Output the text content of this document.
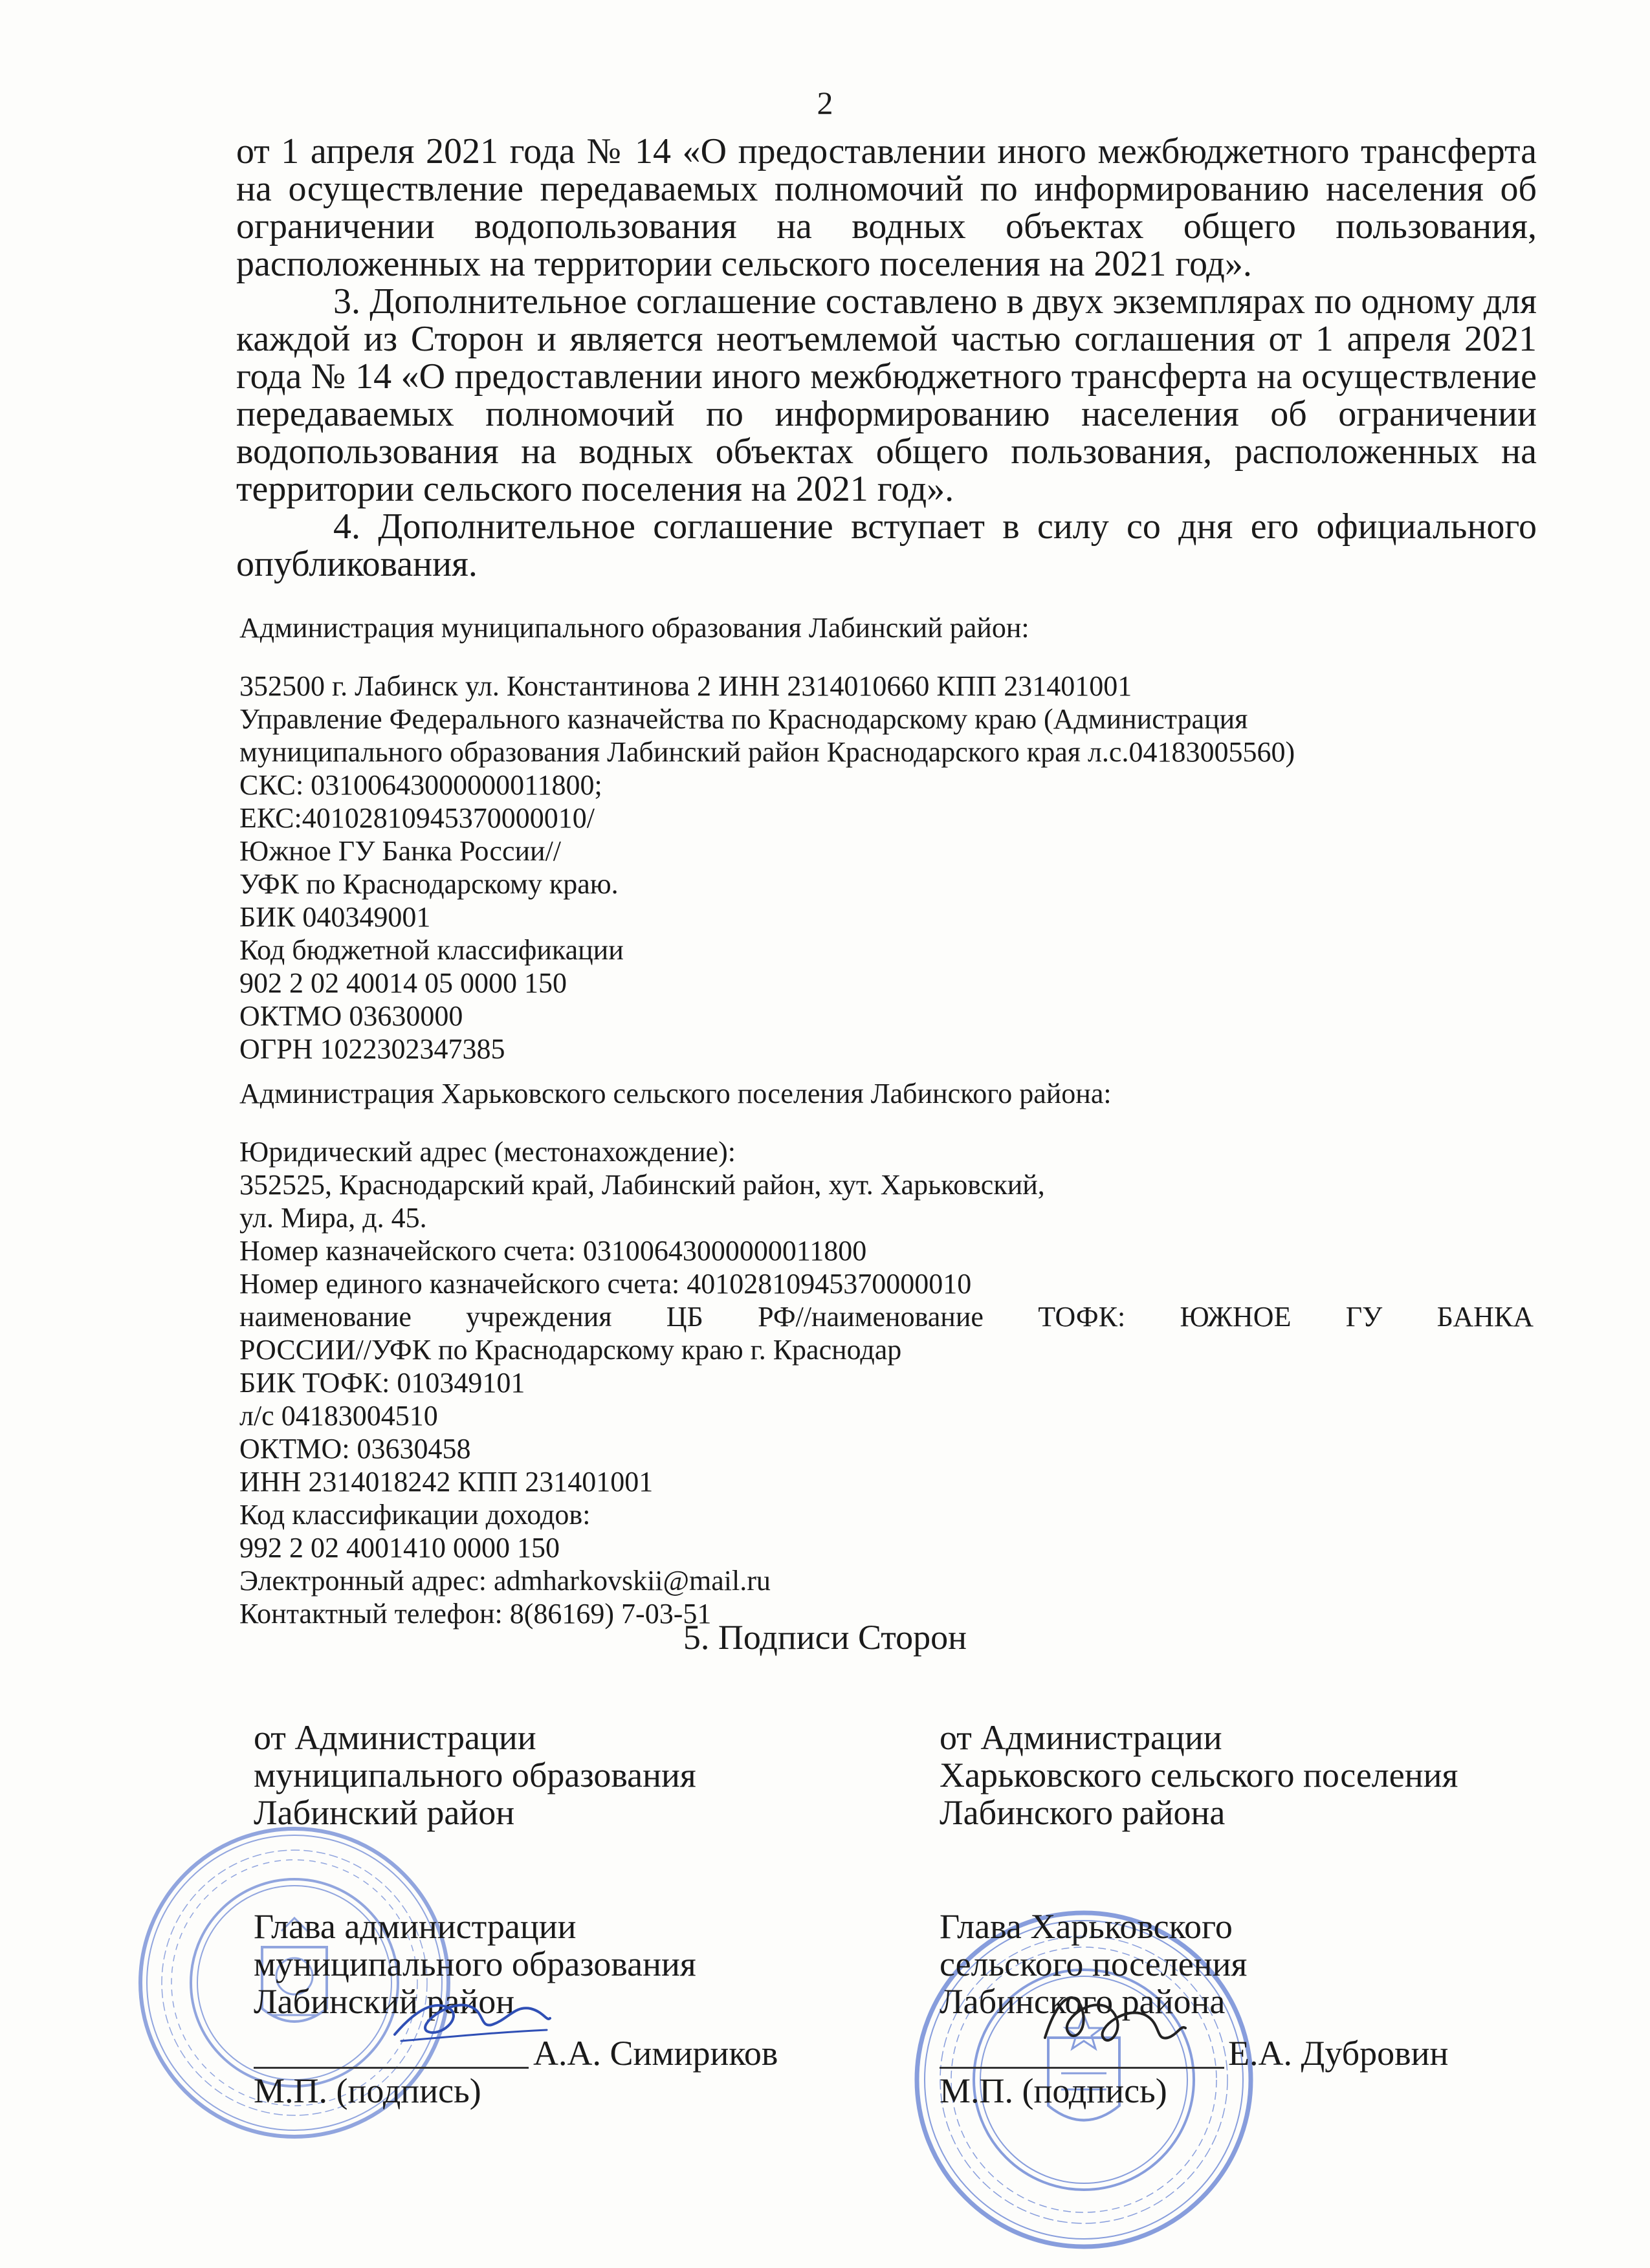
2

от 1 апреля 2021 года № 14 «О предоставлении иного межбюджетного трансферта на осуществление передаваемых полномочий по информированию населения об ограничении водопользования на водных объектах общего пользования, расположенных на территории сельского поселения на 2021 год».

3. Дополнительное соглашение составлено в двух экземплярах по одному для каждой из Сторон и является неотъемлемой частью соглашения от 1 апреля 2021 года № 14 «О предоставлении иного межбюджетного трансферта на осуществление передаваемых полномочий по информированию населения об ограничении водопользования на водных объектах общего пользования, расположенных на территории сельского поселения на 2021 год».

4. Дополнительное соглашение вступает в силу со дня его официального опубликования.

Администрация муниципального образования Лабинский район:
352500 г. Лабинск ул. Константинова 2 ИНН 2314010660 КПП 231401001
Управление Федерального казначейства по Краснодарскому краю (Администрация
муниципального образования Лабинский район Краснодарского края л.с.04183005560)
СКС: 03100643000000011800;
ЕКС:40102810945370000010/
Южное ГУ Банка России//
УФК по Краснодарскому краю.
БИК 040349001
Код бюджетной классификации
902 2 02 40014 05 0000 150
ОКТМО 03630000
ОГРН 1022302347385
Администрация Харьковского сельского поселения Лабинского района:
Юридический адрес (местонахождение):
352525, Краснодарский край, Лабинский район, хут. Харьковский,
ул. Мира, д. 45.
Номер казначейского счета: 03100643000000011800
Номер единого казначейского счета: 40102810945370000010
наименование учреждения ЦБ РФ//наименование ТОФК: ЮЖНОЕ ГУ БАНКА
РОССИИ//УФК по Краснодарскому краю г. Краснодар
БИК ТОФК: 010349101
л/с 04183004510
ОКТМО: 03630458
ИНН 2314018242 КПП 231401001
Код классификации доходов:
992 2 02 4001410 0000 150
Электронный адрес: admharkovskii@mail.ru
Контактный телефон: 8(86169) 7-03-51
5. Подписи Сторон
от Администрации
муниципального образования
Лабинский район
Глава администрации
муниципального образования
Лабинский район
А.А. Симириков
М.П. (подпись)
от Администрации
Харьковского сельского поселения
Лабинского района
Глава Харьковского
сельского поселения
Лабинского района
Е.А. Дубровин
М.П. (подпись)
